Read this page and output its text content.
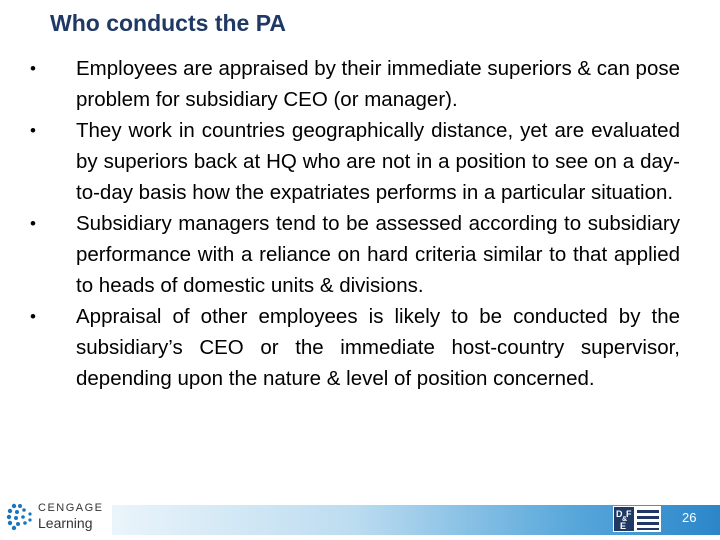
Who conducts the PA
•	Employees are appraised by their immediate superiors & can pose problem for subsidiary CEO (or manager).
•	They work in countries geographically distance, yet are evaluated by superiors back at HQ who are not in a position to see on a day-to-day basis how the expatriates performs in a particular situation.
•	Subsidiary managers tend to be assessed according to subsidiary performance with a reliance on hard criteria similar to that applied to heads of domestic units & divisions.
•	Appraisal of other employees is likely to be conducted by the subsidiary’s CEO or the immediate host-country supervisor, depending upon the nature & level of position concerned.
CENGAGE
Learning
D
&
F
E
26
